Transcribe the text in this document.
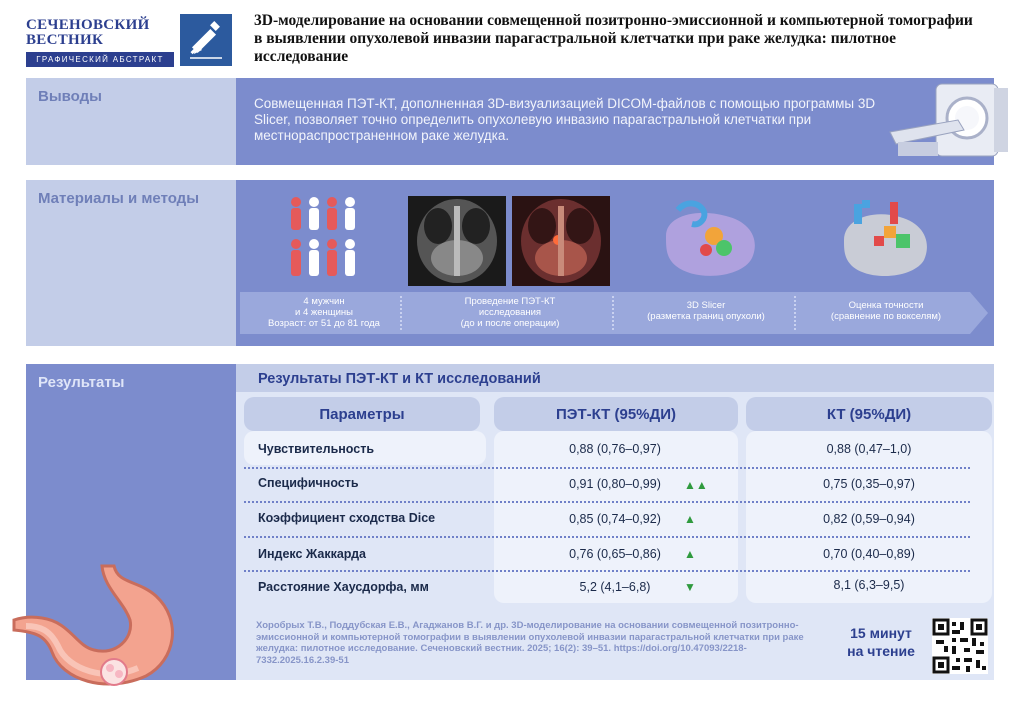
СЕЧЕНОВСКИЙ
ВЕСТНИК
ГРАФИЧЕСКИЙ АБСТРАКТ
3D-моделирование на основании совмещенной позитронно-эмиссионной и компьютерной томографии в выявлении опухолевой инвазии парагастральной клетчатки при раке желудка: пилотное исследование
Выводы	Совмещенная ПЭТ-КТ, дополненная 3D-визуализацией DICOM-файлов с помощью программы 3D Slicer, позволяет точно определить опухолевую инвазию парагастральной клетчатки при местнораспространенном раке желудка.
Материалы и методы
4 мужчин
и 4 женщины
Возраст: от 51 до 81 года
Проведение ПЭТ-КТ
исследования
(до и после операции)
3D Slicer
(разметка границ опухоли)
Оценка точности
(сравнение по вокселям)
Результаты	Результаты ПЭТ-КТ и КТ исследований
Параметры	ПЭТ-КТ (95%ДИ)	КТ (95%ДИ)
Чувствительность	0,88 (0,76–0,97)	0,88 (0,47–1,0)
Специфичность	0,91 (0,80–0,99)	▲▲	0,75 (0,35–0,97)
Коэффициент сходства Dice	0,85 (0,74–0,92)	▲	0,82 (0,59–0,94)
Индекс Жаккарда	0,76 (0,65–0,86)	▲	0,70 (0,40–0,89)
Расстояние Хаусдорфа, мм	5,2 (4,1–6,8)	▼	8,1 (6,3–9,5)
Хоробрых Т.В., Поддубская Е.В., Агаджанов В.Г. и др. 3D-моделирование на основании совмещенной позитронно-эмиссионной и компьютерной томографии в выявлении опухолевой инвазии парагастральной клетчатки при раке желудка: пилотное исследование. Сеченовский вестник. 2025; 16(2): 39–51. https://doi.org/10.47093/2218-7332.2025.16.2.39-51
15 минут
на чтение
